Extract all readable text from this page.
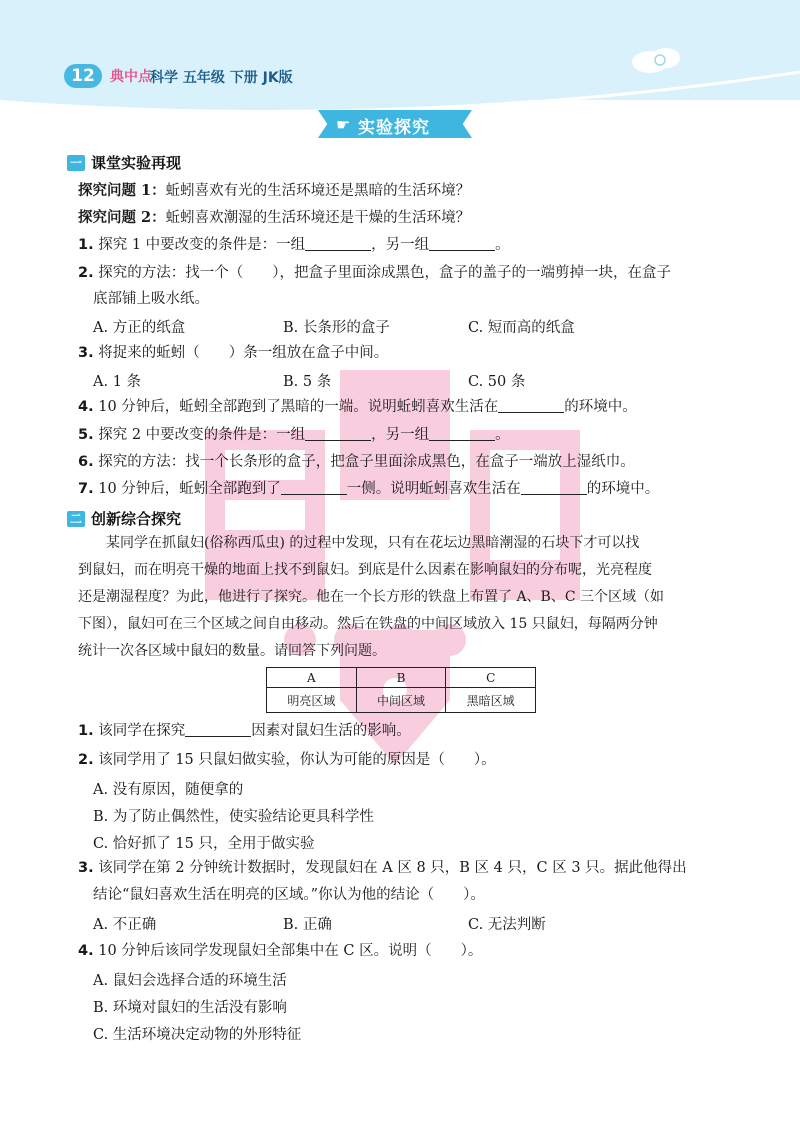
12	典中点
科学 五年级 下册 JK版
☛ 实验探究
一 课堂实验再现
探究问题 1：蚯蚓喜欢有光的生活环境还是黑暗的生活环境？
探究问题 2：蚯蚓喜欢潮湿的生活环境还是干燥的生活环境？
1. 探究 1 中要改变的条件是：一组	，另一组	。
2. 探究的方法：找一个（　　），把盒子里面涂成黑色，盒子的盖子的一端剪掉一块，在盒子
底部铺上吸水纸。
A. 方正的纸盒	B. 长条形的盒子	C. 短而高的纸盒
3. 将捉来的蚯蚓（　　）条一组放在盒子中间。
A. 1 条	B. 5 条	C. 50 条
4. 10 分钟后，蚯蚓全部跑到了黑暗的一端。说明蚯蚓喜欢生活在	的环境中。
5. 探究 2 中要改变的条件是：一组	，另一组	。
6. 探究的方法：找一个长条形的盒子，把盒子里面涂成黑色，在盒子一端放上湿纸巾。
7. 10 分钟后，蚯蚓全部跑到了	一侧。说明蚯蚓喜欢生活在	的环境中。
二 创新综合探究
　　某同学在抓鼠妇(俗称西瓜虫) 的过程中发现，只有在花坛边黑暗潮湿的石块下才可以找
到鼠妇，而在明亮干燥的地面上找不到鼠妇。到底是什么因素在影响鼠妇的分布呢，光亮程度
还是潮湿程度？为此，他进行了探究。他在一个长方形的铁盘上布置了 A、B、C 三个区域（如
下图），鼠妇可在三个区域之间自由移动。然后在铁盘的中间区域放入 15 只鼠妇，每隔两分钟
统计一次各区域中鼠妇的数量。请回答下列问题。
A	B	C
明亮区域	中间区域	黑暗区域
1. 该同学在探究	因素对鼠妇生活的影响。
2. 该同学用了 15 只鼠妇做实验，你认为可能的原因是（　　）。
A. 没有原因，随便拿的
B. 为了防止偶然性，使实验结论更具科学性
C. 恰好抓了 15 只，全用于做实验
3. 该同学在第 2 分钟统计数据时，发现鼠妇在 A 区 8 只，B 区 4 只，C 区 3 只。据此他得出
结论“鼠妇喜欢生活在明亮的区域。”你认为他的结论（　　）。
A. 不正确	B. 正确	C. 无法判断
4. 10 分钟后该同学发现鼠妇全部集中在 C 区。说明（　　）。
A. 鼠妇会选择合适的环境生活
B. 环境对鼠妇的生活没有影响
C. 生活环境决定动物的外形特征
